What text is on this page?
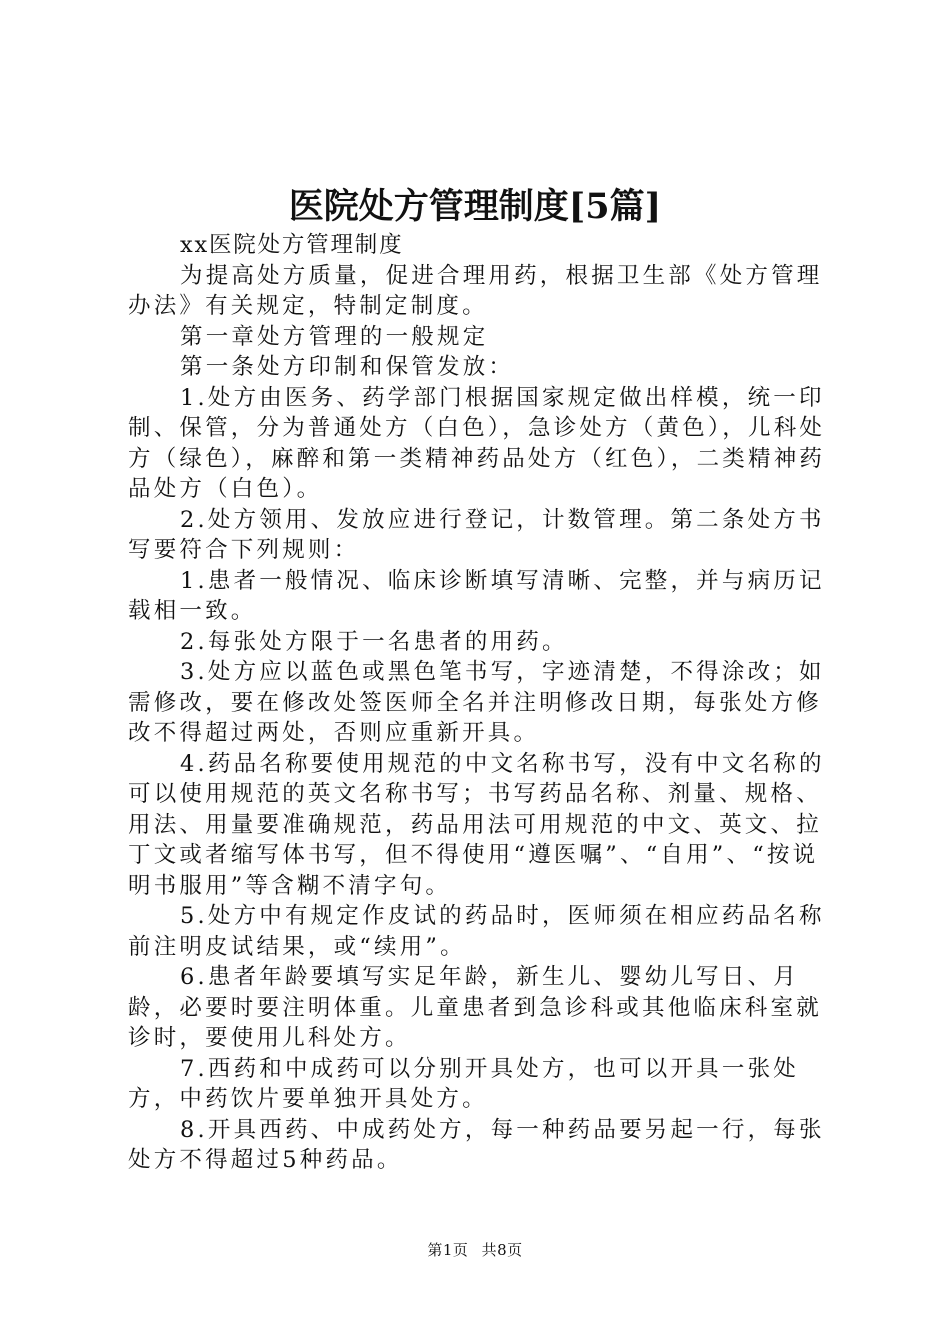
医院处方管理制度[5篇]

xx医院处方管理制度

为提高处方质量，促进合理用药，根据卫生部《处方管理办法》有关规定，特制定制度。

第一章处方管理的一般规定

第一条处方印制和保管发放：

1.处方由医务、药学部门根据国家规定做出样模，统一印制、保管，分为普通处方（白色），急诊处方（黄色），儿科处方（绿色），麻醉和第一类精神药品处方（红色），二类精神药品处方（白色）。

2.处方领用、发放应进行登记，计数管理。第二条处方书写要符合下列规则：

1.患者一般情况、临床诊断填写清晰、完整，并与病历记载相一致。

2.每张处方限于一名患者的用药。

3.处方应以蓝色或黑色笔书写，字迹清楚，不得涂改；如需修改，要在修改处签医师全名并注明修改日期，每张处方修改不得超过两处，否则应重新开具。

4.药品名称要使用规范的中文名称书写，没有中文名称的可以使用规范的英文名称书写；书写药品名称、剂量、规格、用法、用量要准确规范，药品用法可用规范的中文、英文、拉丁文或者缩写体书写，但不得使用“遵医嘱”、“自用”、“按说明书服用”等含糊不清字句。

5.处方中有规定作皮试的药品时，医师须在相应药品名称前注明皮试结果，或“续用”。

6.患者年龄要填写实足年龄，新生儿、婴幼儿写日、月龄，必要时要注明体重。儿童患者到急诊科或其他临床科室就诊时，要使用儿科处方。

7.西药和中成药可以分别开具处方，也可以开具一张处方，中药饮片要单独开具处方。

8.开具西药、中成药处方，每一种药品要另起一行，每张处方不得超过5种药品。

第1页 共8页
